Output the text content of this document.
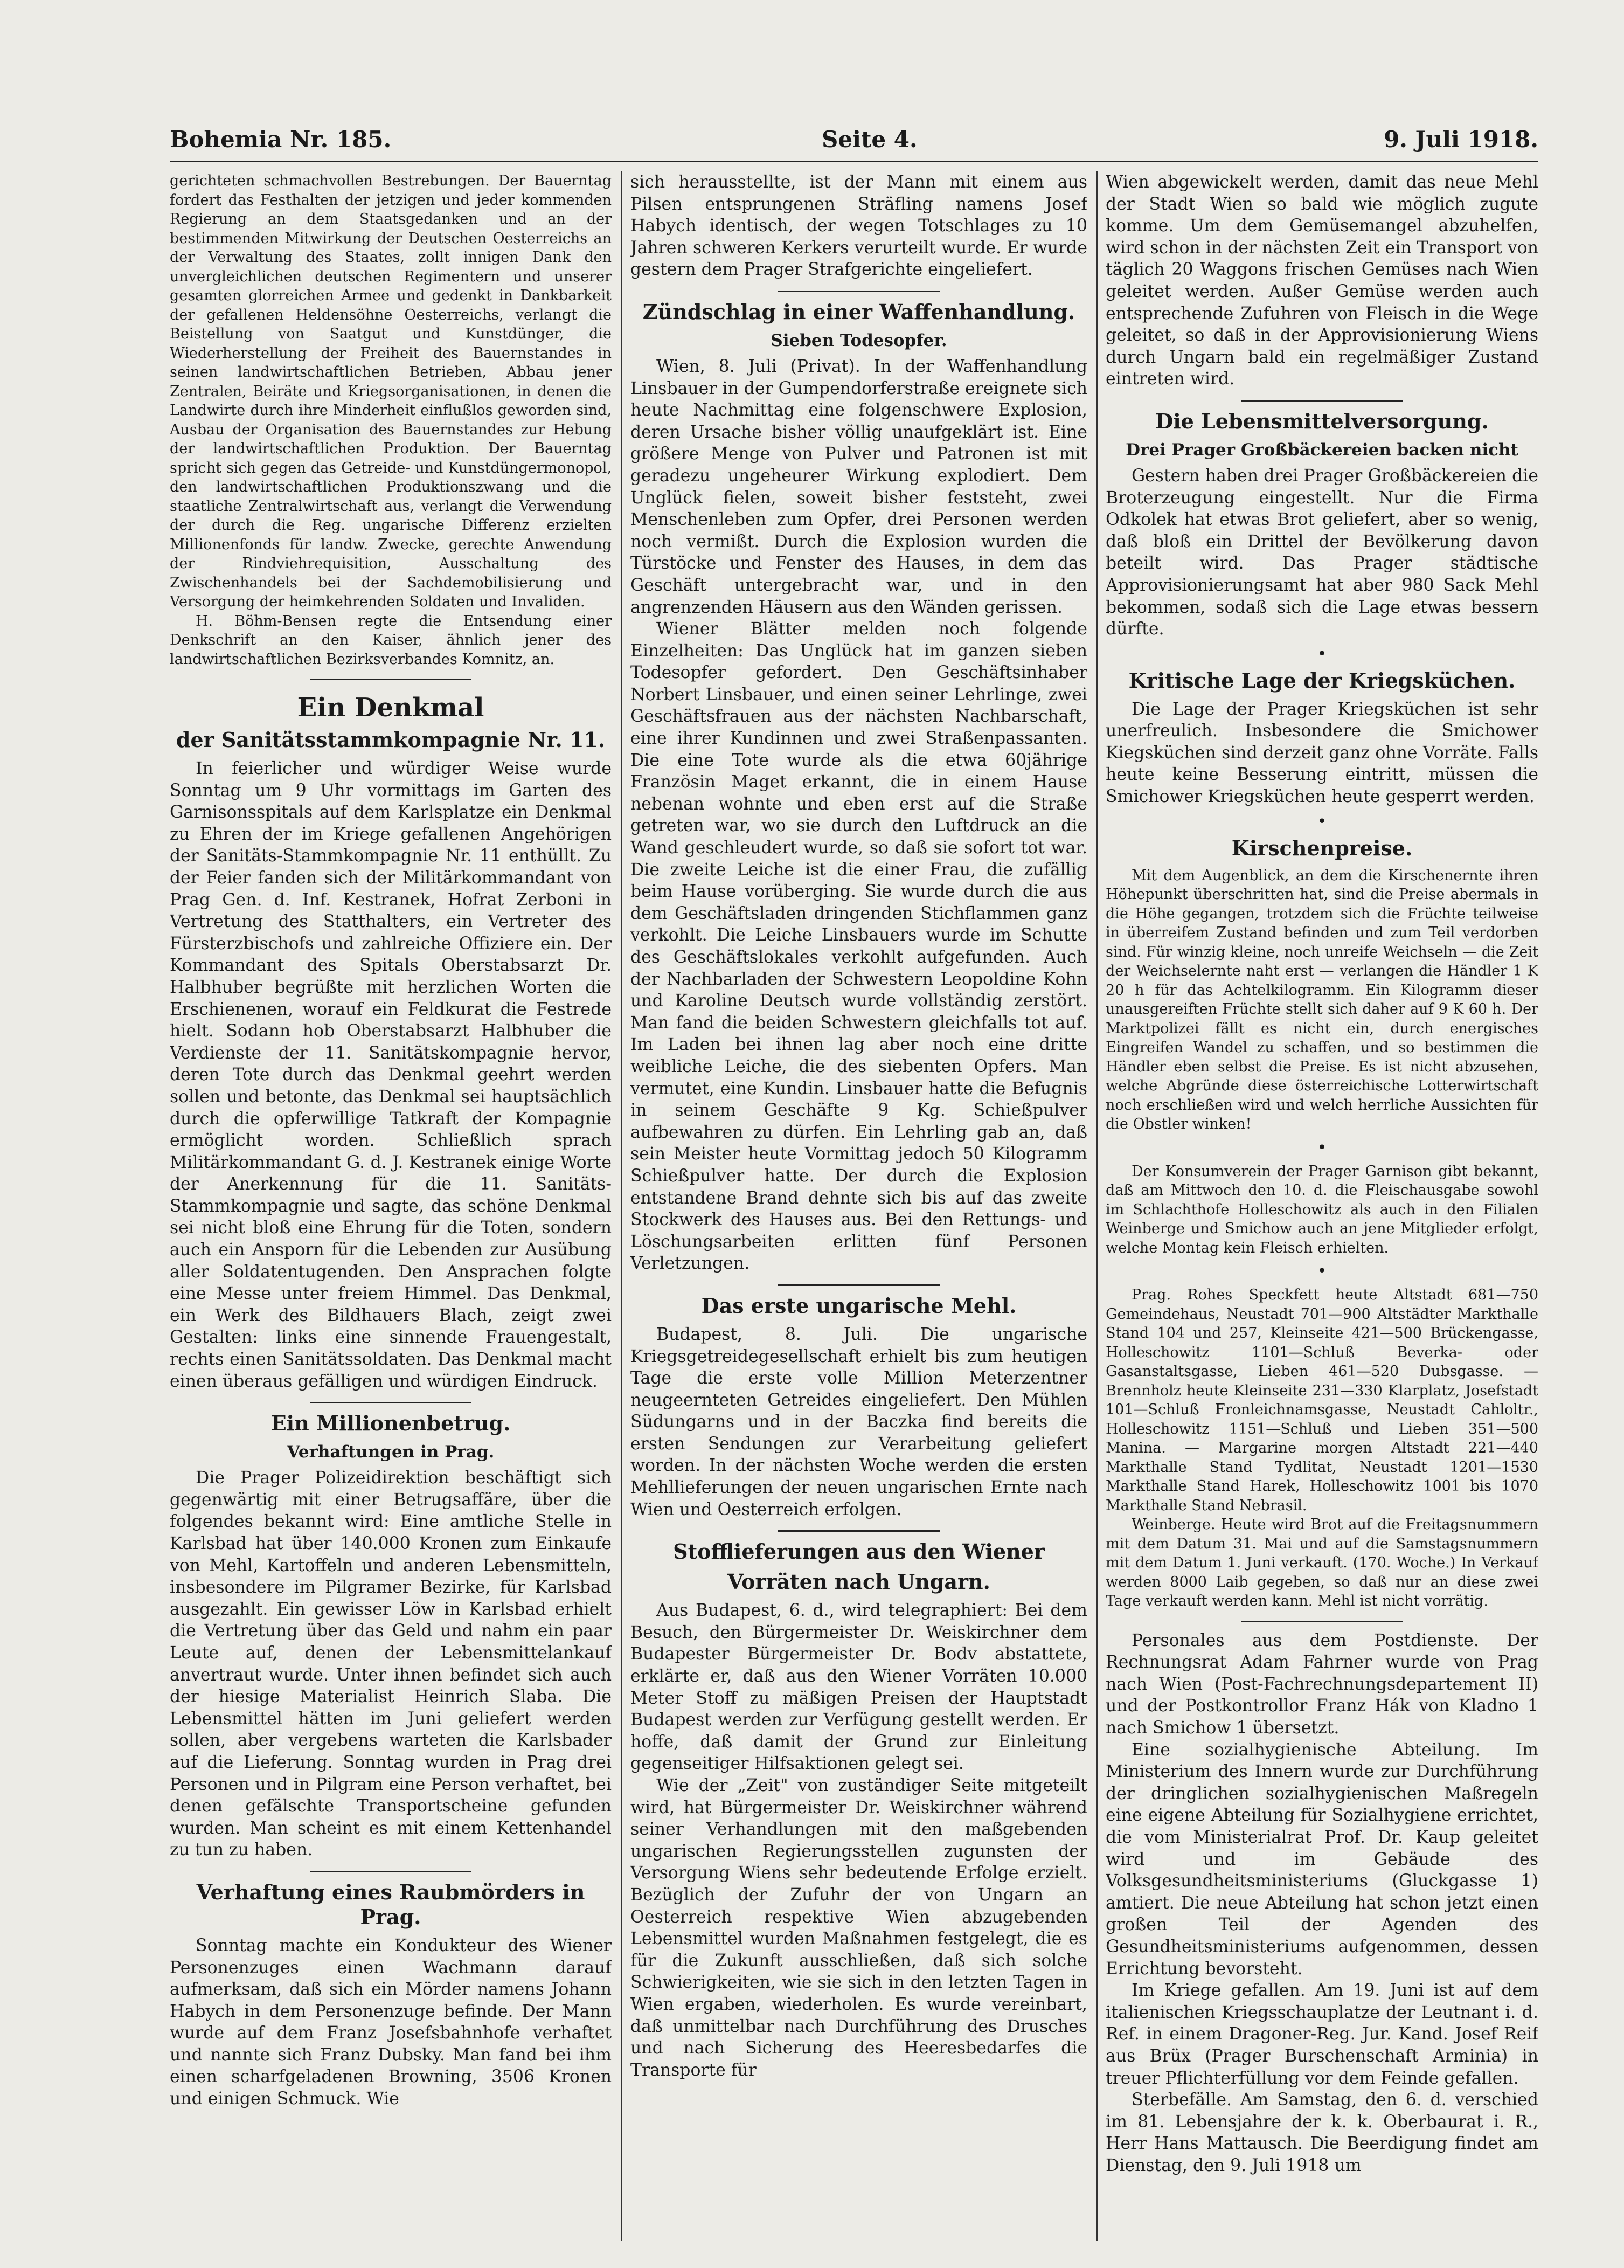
Bohemia Nr. 185.	Seite 4.	9. Juli 1918.

gerichteten schmachvollen Bestrebungen. Der Bauerntag fordert das Festhalten der jetzigen und jeder kommenden Regierung an dem Staatsgedanken und an der bestimmenden Mitwirkung der Deutschen Oesterreichs an der Verwaltung des Staates, zollt innigen Dank den unvergleichlichen deutschen Regimentern und unserer gesamten glorreichen Armee und gedenkt in Dankbarkeit der gefallenen Heldensöhne Oesterreichs, verlangt die Beistellung von Saatgut und Kunstdünger, die Wiederherstellung der Freiheit des Bauernstandes in seinen landwirtschaftlichen Betrieben, Abbau jener Zentralen, Beiräte und Kriegsorganisationen, in denen die Landwirte durch ihre Minderheit einflußlos geworden sind, Ausbau der Organisation des Bauernstandes zur Hebung der landwirtschaftlichen Produktion. Der Bauerntag spricht sich gegen das Getreide- und Kunstdüngermonopol, den landwirtschaftlichen Produktionszwang und die staatliche Zentralwirtschaft aus, verlangt die Verwendung der durch die Reg. ungarische Differenz erzielten Millionenfonds für landw. Zwecke, gerechte Anwendung der Rindviehrequisition, Ausschaltung des Zwischenhandels bei der Sachdemobilisierung und Versorgung der heimkehrenden Soldaten und Invaliden.

H. Böhm-Bensen regte die Entsendung einer Denkschrift an den Kaiser, ähnlich jener des landwirtschaftlichen Bezirksverbandes Komnitz, an.

Ein Denkmal
der Sanitätsstammkompagnie Nr. 11.

In feierlicher und würdiger Weise wurde Sonntag um 9 Uhr vormittags im Garten des Garnisonsspitals auf dem Karlsplatze ein Denkmal zu Ehren der im Kriege gefallenen Angehörigen der Sanitäts-Stammkompagnie Nr. 11 enthüllt. Zu der Feier fanden sich der Militärkommandant von Prag Gen. d. Inf. Kestranek, Hofrat Zerboni in Vertretung des Statthalters, ein Vertreter des Fürsterzbischofs und zahlreiche Offiziere ein. Der Kommandant des Spitals Oberstabsarzt Dr. Halbhuber begrüßte mit herzlichen Worten die Erschienenen, worauf ein Feldkurat die Festrede hielt. Sodann hob Oberstabsarzt Halbhuber die Verdienste der 11. Sanitätskompagnie hervor, deren Tote durch das Denkmal geehrt werden sollen und betonte, das Denkmal sei hauptsächlich durch die opferwillige Tatkraft der Kompagnie ermöglicht worden. Schließlich sprach Militärkommandant G. d. J. Kestranek einige Worte der Anerkennung für die 11. Sanitäts-Stammkompagnie und sagte, das schöne Denkmal sei nicht bloß eine Ehrung für die Toten, sondern auch ein Ansporn für die Lebenden zur Ausübung aller Soldatentugenden. Den Ansprachen folgte eine Messe unter freiem Himmel. Das Denkmal, ein Werk des Bildhauers Blach, zeigt zwei Gestalten: links eine sinnende Frauengestalt, rechts einen Sanitätssoldaten. Das Denkmal macht einen überaus gefälligen und würdigen Eindruck.

Ein Millionenbetrug.
Verhaftungen in Prag.

Die Prager Polizeidirektion beschäftigt sich gegenwärtig mit einer Betrugsaffäre, über die folgendes bekannt wird: Eine amtliche Stelle in Karlsbad hat über 140.000 Kronen zum Einkaufe von Mehl, Kartoffeln und anderen Lebensmitteln, insbesondere im Pilgramer Bezirke, für Karlsbad ausgezahlt. Ein gewisser Löw in Karlsbad erhielt die Vertretung über das Geld und nahm ein paar Leute auf, denen der Lebensmittelankauf anvertraut wurde. Unter ihnen befindet sich auch der hiesige Materialist Heinrich Slaba. Die Lebensmittel hätten im Juni geliefert werden sollen, aber vergebens warteten die Karlsbader auf die Lieferung. Sonntag wurden in Prag drei Personen und in Pilgram eine Person verhaftet, bei denen gefälschte Transportscheine gefunden wurden. Man scheint es mit einem Kettenhandel zu tun zu haben.

Verhaftung eines Raubmörders in Prag.

Sonntag machte ein Kondukteur des Wiener Personenzuges einen Wachmann darauf aufmerksam, daß sich ein Mörder namens Johann Habych in dem Personenzuge befinde. Der Mann wurde auf dem Franz Josefsbahnhofe verhaftet und nannte sich Franz Dubsky. Man fand bei ihm einen scharfgeladenen Browning, 3506 Kronen und einigen Schmuck. Wie

sich herausstellte, ist der Mann mit einem aus Pilsen entsprungenen Sträfling namens Josef Habych identisch, der wegen Totschlages zu 10 Jahren schweren Kerkers verurteilt wurde. Er wurde gestern dem Prager Strafgerichte eingeliefert.

Zündschlag in einer Waffenhandlung.
Sieben Todesopfer.

Wien, 8. Juli (Privat). In der Waffenhandlung Linsbauer in der Gumpendorferstraße ereignete sich heute Nachmittag eine folgenschwere Explosion, deren Ursache bisher völlig unaufgeklärt ist. Eine größere Menge von Pulver und Patronen ist mit geradezu ungeheurer Wirkung explodiert. Dem Unglück fielen, soweit bisher feststeht, zwei Menschenleben zum Opfer, drei Personen werden noch vermißt. Durch die Explosion wurden die Türstöcke und Fenster des Hauses, in dem das Geschäft untergebracht war, und in den angrenzenden Häusern aus den Wänden gerissen.

Wiener Blätter melden noch folgende Einzelheiten: Das Unglück hat im ganzen sieben Todesopfer gefordert. Den Geschäftsinhaber Norbert Linsbauer, und einen seiner Lehrlinge, zwei Geschäftsfrauen aus der nächsten Nachbarschaft, eine ihrer Kundinnen und zwei Straßenpassanten. Die eine Tote wurde als die etwa 60jährige Französin Maget erkannt, die in einem Hause nebenan wohnte und eben erst auf die Straße getreten war, wo sie durch den Luftdruck an die Wand geschleudert wurde, so daß sie sofort tot war. Die zweite Leiche ist die einer Frau, die zufällig beim Hause vorüberging. Sie wurde durch die aus dem Geschäftsladen dringenden Stichflammen ganz verkohlt. Die Leiche Linsbauers wurde im Schutte des Geschäftslokales verkohlt aufgefunden. Auch der Nachbarladen der Schwestern Leopoldine Kohn und Karoline Deutsch wurde vollständig zerstört. Man fand die beiden Schwestern gleichfalls tot auf. Im Laden bei ihnen lag aber noch eine dritte weibliche Leiche, die des siebenten Opfers. Man vermutet, eine Kundin. Linsbauer hatte die Befugnis in seinem Geschäfte 9 Kg. Schießpulver aufbewahren zu dürfen. Ein Lehrling gab an, daß sein Meister heute Vormittag jedoch 50 Kilogramm Schießpulver hatte. Der durch die Explosion entstandene Brand dehnte sich bis auf das zweite Stockwerk des Hauses aus. Bei den Rettungs- und Löschungsarbeiten erlitten fünf Personen Verletzungen.

Das erste ungarische Mehl.

Budapest, 8. Juli. Die ungarische Kriegsgetreidegesellschaft erhielt bis zum heutigen Tage die erste volle Million Meterzentner neugeernteten Getreides eingeliefert. Den Mühlen Südungarns und in der Baczka find bereits die ersten Sendungen zur Verarbeitung geliefert worden. In der nächsten Woche werden die ersten Mehllieferungen der neuen ungarischen Ernte nach Wien und Oesterreich erfolgen.

Stofflieferungen aus den Wiener
Vorräten nach Ungarn.

Aus Budapest, 6. d., wird telegraphiert: Bei dem Besuch, den Bürgermeister Dr. Weiskirchner dem Budapester Bürgermeister Dr. Bodv abstattete, erklärte er, daß aus den Wiener Vorräten 10.000 Meter Stoff zu mäßigen Preisen der Hauptstadt Budapest werden zur Verfügung gestellt werden. Er hoffe, daß damit der Grund zur Einleitung gegenseitiger Hilfsaktionen gelegt sei.

Wie der „Zeit" von zuständiger Seite mitgeteilt wird, hat Bürgermeister Dr. Weiskirchner während seiner Verhandlungen mit den maßgebenden ungarischen Regierungsstellen zugunsten der Versorgung Wiens sehr bedeutende Erfolge erzielt. Bezüglich der Zufuhr der von Ungarn an Oesterreich respektive Wien abzugebenden Lebensmittel wurden Maßnahmen festgelegt, die es für die Zukunft ausschließen, daß sich solche Schwierigkeiten, wie sie sich in den letzten Tagen in Wien ergaben, wiederholen. Es wurde vereinbart, daß unmittelbar nach Durchführung des Drusches und nach Sicherung des Heeresbedarfes die Transporte für

Wien abgewickelt werden, damit das neue Mehl der Stadt Wien so bald wie möglich zugute komme. Um dem Gemüsemangel abzuhelfen, wird schon in der nächsten Zeit ein Transport von täglich 20 Waggons frischen Gemüses nach Wien geleitet werden. Außer Gemüse werden auch entsprechende Zufuhren von Fleisch in die Wege geleitet, so daß in der Approvisionierung Wiens durch Ungarn bald ein regelmäßiger Zustand eintreten wird.

Die Lebensmittelversorgung.
Drei Prager Großbäckereien backen nicht

Gestern haben drei Prager Großbäckereien die Broterzeugung eingestellt. Nur die Firma Odkolek hat etwas Brot geliefert, aber so wenig, daß bloß ein Drittel der Bevölkerung davon beteilt wird. Das Prager städtische Approvisionierungsamt hat aber 980 Sack Mehl bekommen, sodaß sich die Lage etwas bessern dürfte.

•
Kritische Lage der Kriegsküchen.

Die Lage der Prager Kriegsküchen ist sehr unerfreulich. Insbesondere die Smichower Kiegsküchen sind derzeit ganz ohne Vorräte. Falls heute keine Besserung eintritt, müssen die Smichower Kriegsküchen heute gesperrt werden.

•
Kirschenpreise.

Mit dem Augenblick, an dem die Kirschenernte ihren Höhepunkt überschritten hat, sind die Preise abermals in die Höhe gegangen, trotzdem sich die Früchte teilweise in überreifem Zustand befinden und zum Teil verdorben sind. Für winzig kleine, noch unreife Weichseln — die Zeit der Weichselernte naht erst — verlangen die Händler 1 K 20 h für das Achtelkilogramm. Ein Kilogramm dieser unausgereiften Früchte stellt sich daher auf 9 K 60 h. Der Marktpolizei fällt es nicht ein, durch energisches Eingreifen Wandel zu schaffen, und so bestimmen die Händler eben selbst die Preise. Es ist nicht abzusehen, welche Abgründe diese österreichische Lotterwirtschaft noch erschließen wird und welch herrliche Aussichten für die Obstler winken!

•

Der Konsumverein der Prager Garnison gibt bekannt, daß am Mittwoch den 10. d. die Fleischausgabe sowohl im Schlachthofe Holleschowitz als auch in den Filialen Weinberge und Smichow auch an jene Mitglieder erfolgt, welche Montag kein Fleisch erhielten.

•

Prag. Rohes Speckfett heute Altstadt 681—750 Gemeindehaus, Neustadt 701—900 Altstädter Markthalle Stand 104 und 257, Kleinseite 421—500 Brückengasse, Holleschowitz 1101—Schluß Beverka- oder Gasanstaltsgasse, Lieben 461—520 Dubsgasse. — Brennholz heute Kleinseite 231—330 Klarplatz, Josefstadt 101—Schluß Fronleichnamsgasse, Neustadt Cahloltr., Holleschowitz 1151—Schluß und Lieben 351—500 Manina. — Margarine morgen Altstadt 221—440 Markthalle Stand Tydlitat, Neustadt 1201—1530 Markthalle Stand Harek, Holleschowitz 1001 bis 1070 Markthalle Stand Nebrasil.

Weinberge. Heute wird Brot auf die Freitagsnummern mit dem Datum 31. Mai und auf die Samstagsnummern mit dem Datum 1. Juni verkauft. (170. Woche.) In Verkauf werden 8000 Laib gegeben, so daß nur an diese zwei Tage verkauft werden kann. Mehl ist nicht vorrätig.

Personales aus dem Postdienste. Der Rechnungsrat Adam Fahrner wurde von Prag nach Wien (Post-Fachrechnungsdepartement II) und der Postkontrollor Franz Hák von Kladno 1 nach Smichow 1 übersetzt.

Eine sozialhygienische Abteilung. Im Ministerium des Innern wurde zur Durchführung der dringlichen sozialhygienischen Maßregeln eine eigene Abteilung für Sozialhygiene errichtet, die vom Ministerialrat Prof. Dr. Kaup geleitet wird und im Gebäude des Volksgesundheitsministeriums (Gluckgasse 1) amtiert. Die neue Abteilung hat schon jetzt einen großen Teil der Agenden des Gesundheitsministeriums aufgenommen, dessen Errichtung bevorsteht.

Im Kriege gefallen. Am 19. Juni ist auf dem italienischen Kriegsschauplatze der Leutnant i. d. Ref. in einem Dragoner-Reg. Jur. Kand. Josef Reif aus Brüx (Prager Burschenschaft Arminia) in treuer Pflichterfüllung vor dem Feinde gefallen.

Sterbefälle. Am Samstag, den 6. d. verschied im 81. Lebensjahre der k. k. Oberbaurat i. R., Herr Hans Mattausch. Die Beerdigung findet am Dienstag, den 9. Juli 1918 um
